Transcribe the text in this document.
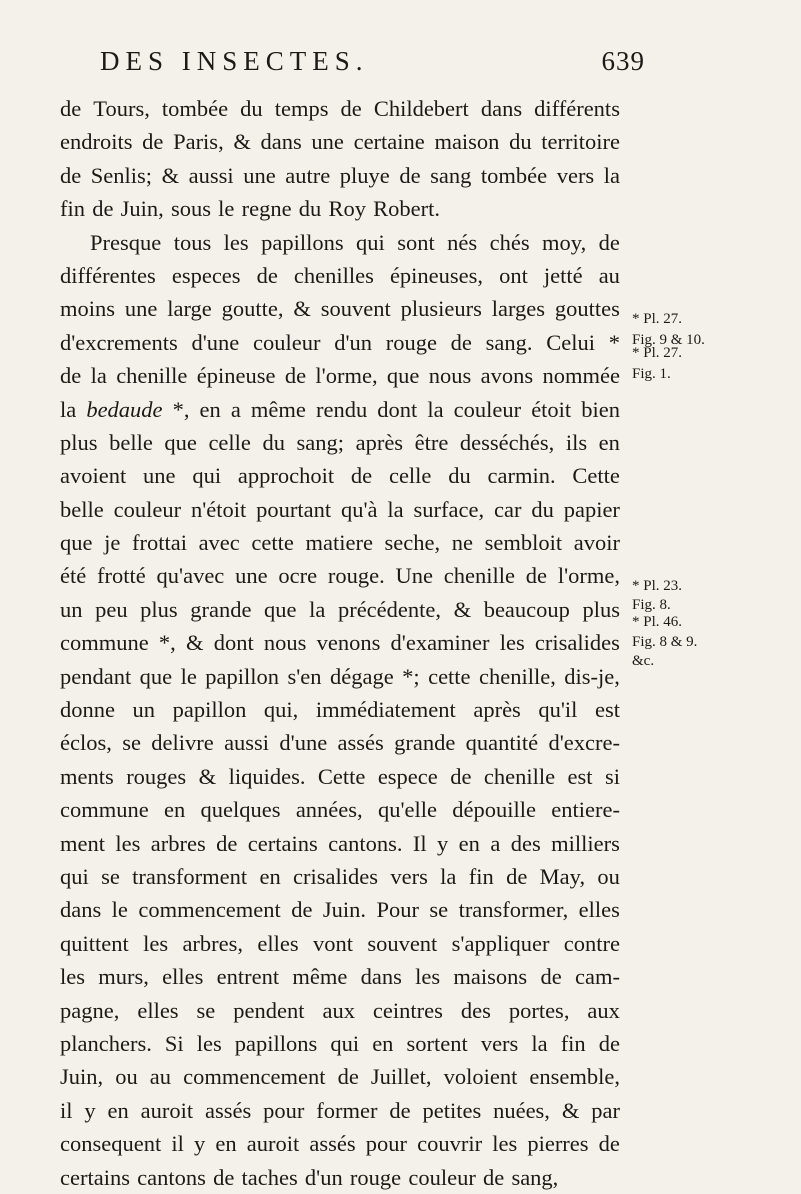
DES INSECTES.	639
de Tours, tombée du temps de Childebert dans différents
endroits de Paris, & dans une certaine maison du territoire
de Senlis; & aussi une autre pluye de sang tombée vers la
fin de Juin, sous le regne du Roy Robert.
Presque tous les papillons qui sont nés chés moy, de
différentes especes de chenilles épineuses, ont jetté au
moins une large goutte, & souvent plusieurs larges gouttes
d'excrements d'une couleur d'un rouge de sang. Celui *
de la chenille épineuse de l'orme, que nous avons nommée
la bedaude *, en a même rendu dont la couleur étoit bien
plus belle que celle du sang; après être desséchés, ils en
avoient une qui approchoit de celle du carmin. Cette
belle couleur n'étoit pourtant qu'à la surface, car du papier
que je frottai avec cette matiere seche, ne sembloit avoir
été frotté qu'avec une ocre rouge. Une chenille de l'orme,
un peu plus grande que la précédente, & beaucoup plus
commune *, & dont nous venons d'examiner les crisalides
pendant que le papillon s'en dégage *; cette chenille, dis-je,
donne un papillon qui, immédiatement après qu'il est
éclos, se delivre aussi d'une assés grande quantité d'excre-
ments rouges & liquides. Cette espece de chenille est si
commune en quelques années, qu'elle dépouille entiere-
ment les arbres de certains cantons. Il y en a des milliers
qui se transforment en crisalides vers la fin de May, ou
dans le commencement de Juin. Pour se transformer, elles
quittent les arbres, elles vont souvent s'appliquer contre
les murs, elles entrent même dans les maisons de cam-
pagne, elles se pendent aux ceintres des portes, aux
planchers. Si les papillons qui en sortent vers la fin de
Juin, ou au commencement de Juillet, voloient ensemble,
il y en auroit assés pour former de petites nuées, & par
consequent il y en auroit assés pour couvrir les pierres de
certains cantons de taches d'un rouge couleur de sang,
* Pl. 27.
Fig. 9 & 10.
* Pl. 27.
Fig. 1.
* Pl. 23.
Fig. 8.
* Pl. 46.
Fig. 8 & 9.
&c.
